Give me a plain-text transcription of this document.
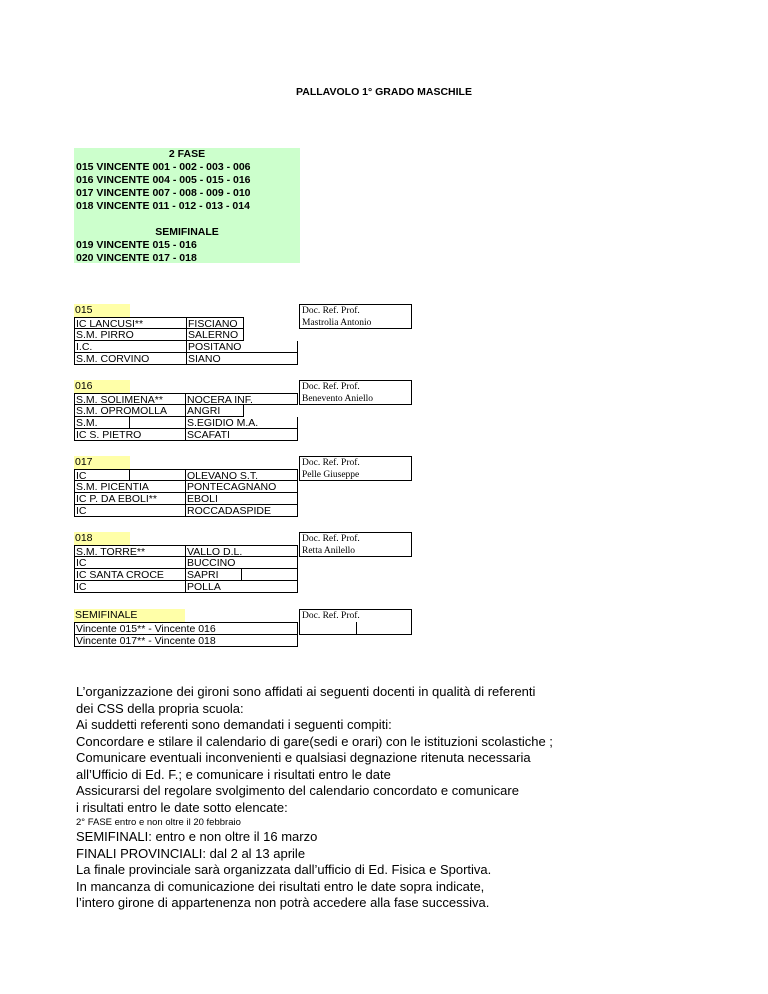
PALLAVOLO 1° GRADO MASCHILE
2 FASE
015 VINCENTE 001 - 002 - 003 - 006
016 VINCENTE 004 - 005 - 015 - 016
017 VINCENTE 007 - 008 - 009 - 010
018 VINCENTE 011 - 012 - 013 - 014
SEMIFINALE
019 VINCENTE 015 - 016
020 VINCENTE 017 - 018
015
IC LANCUSI**	FISCIANO
S.M. PIRRO	SALERNO
I.C.	POSITANO
S.M. CORVINO	SIANO
Doc. Ref. Prof.
Mastrolia Antonio
016
S.M. SOLIMENA**	NOCERA INF.
S.M. OPROMOLLA	ANGRI
S.M.	S.EGIDIO M.A.
IC S. PIETRO	SCAFATI
Doc. Ref. Prof.
Benevento Aniello
017
IC	OLEVANO S.T.
S.M. PICENTIA	PONTECAGNANO
IC P. DA EBOLI**	EBOLI
IC	ROCCADASPIDE
Doc. Ref. Prof.
Pelle Giuseppe
018
S.M. TORRE**	VALLO D.L.
IC	BUCCINO
IC SANTA CROCE	SAPRI
IC	POLLA
Doc. Ref. Prof.
Retta Anilello
SEMIFINALE
Vincente 015** - Vincente 016
Vincente 017** - Vincente 018
Doc. Ref. Prof.
L’organizzazione dei gironi sono affidati ai seguenti docenti in qualità di referenti
dei CSS della propria scuola:
Ai suddetti referenti sono demandati i seguenti compiti:
Concordare e stilare il calendario di gare(sedi e orari) con le istituzioni scolastiche ;
Comunicare eventuali inconvenienti e qualsiasi degnazione ritenuta necessaria
all’Ufficio di Ed. F.; e comunicare i risultati entro le date
Assicurarsi del regolare svolgimento del calendario concordato e comunicare
i risultati entro le date sotto elencate:
2° FASE entro e non oltre il 20 febbraio
SEMIFINALI: entro e non oltre il 16 marzo
FINALI PROVINCIALI: dal 2 al 13 aprile
La finale provinciale sarà organizzata dall’ufficio di Ed. Fisica e Sportiva.
In mancanza di comunicazione dei risultati entro le date sopra indicate,
l’intero girone di appartenenza non potrà accedere alla fase successiva.
